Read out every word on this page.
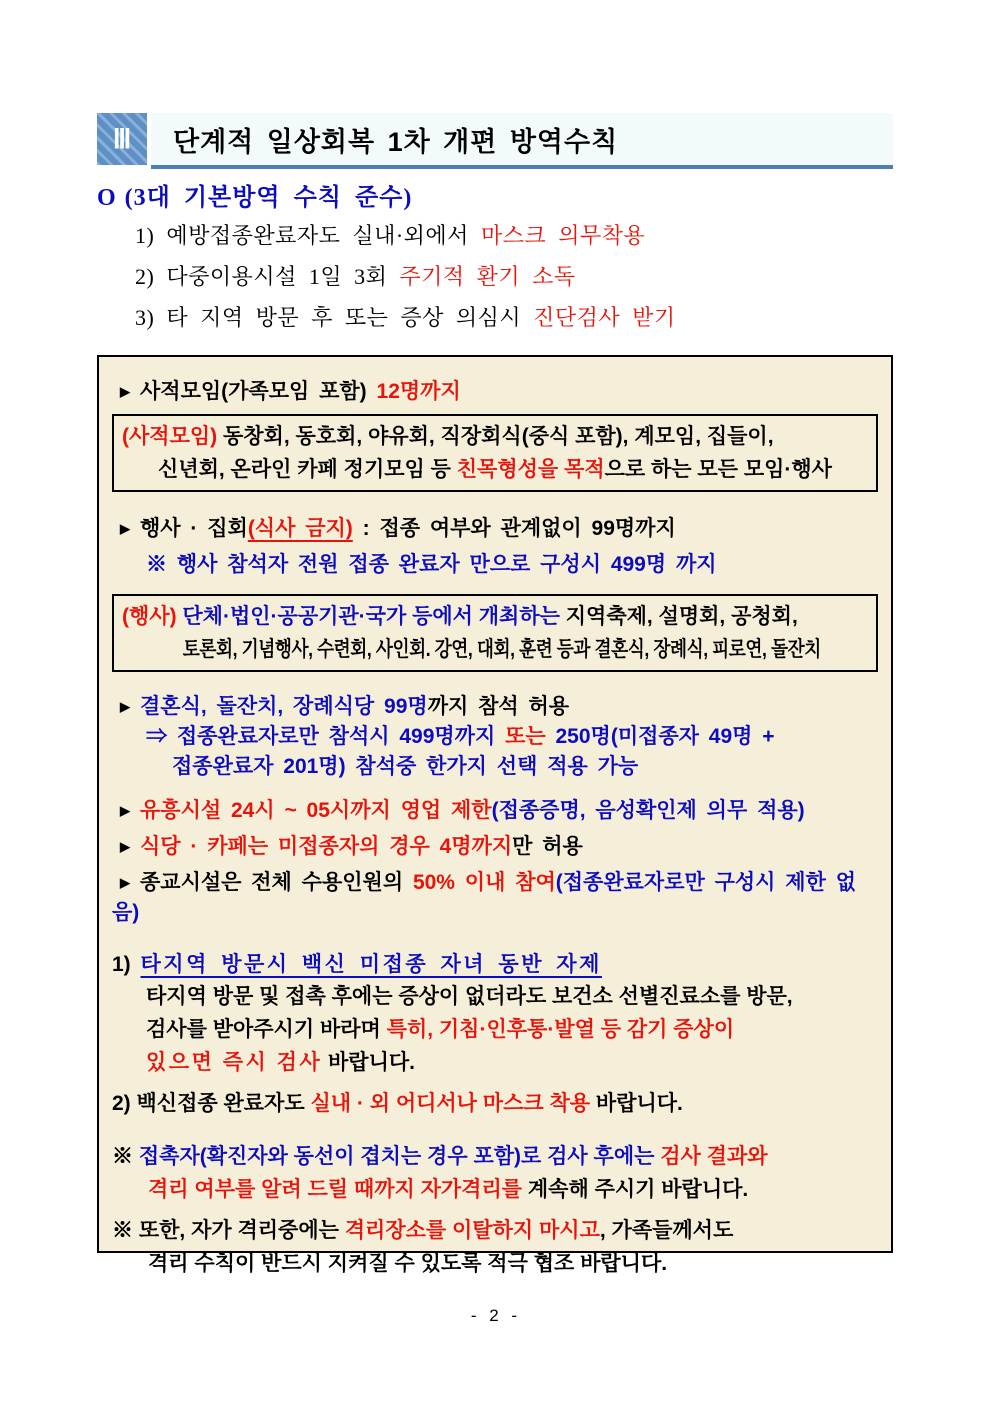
Ⅲ	단계적 일상회복 1차 개편 방역수칙
O (3대 기본방역 수칙 준수)
1) 예방접종완료자도 실내·외에서 마스크 의무착용
2) 다중이용시설 1일 3회 주기적 환기 소독
3) 타 지역 방문 후 또는 증상 의심시 진단검사 받기
▶ 사적모임(가족모임 포함) 12명까지
(사적모임) 동창회, 동호회, 야유회, 직장회식(중식 포함), 계모임, 집들이,
신년회, 온라인 카페 정기모임 등 친목형성을 목적으로 하는 모든 모임·행사
▶ 행사 · 집회(식사 금지) : 접종 여부와 관계없이 99명까지
※ 행사 참석자 전원 접종 완료자 만으로 구성시 499명 까지
(행사) 단체·법인·공공기관·국가 등에서 개최하는 지역축제, 설명회, 공청회,
토론회, 기념행사, 수련회, 사인회. 강연, 대회, 훈련 등과 결혼식, 장례식, 피로연, 돌잔치
▶ 결혼식, 돌잔치, 장례식당 99명까지 참석 허용
⇒ 접종완료자로만 참석시 499명까지 또는 250명(미접종자 49명 +
접종완료자 201명) 참석중 한가지 선택 적용 가능
▶ 유흥시설 24시 ~ 05시까지 영업 제한(접종증명, 음성확인제 의무 적용)
▶ 식당 · 카페는 미접종자의 경우 4명까지만 허용
▶ 종교시설은 전체 수용인원의 50% 이내 참여(접종완료자로만 구성시 제한 없음)
1) 타지역 방문시 백신 미접종 자녀 동반 자제
타지역 방문 및 접촉 후에는 증상이 없더라도 보건소 선별진료소를 방문,
검사를 받아주시기 바라며 특히, 기침·인후통·발열 등 감기 증상이
있으면 즉시 검사 바랍니다.
2) 백신접종 완료자도 실내 · 외 어디서나 마스크 착용 바랍니다.
※ 접촉자(확진자와 동선이 겹치는 경우 포함)로 검사 후에는 검사 결과와
격리 여부를 알려 드릴 때까지 자가격리를 계속해 주시기 바랍니다.
※ 또한, 자가 격리중에는 격리장소를 이탈하지 마시고, 가족들께서도
격리 수칙이 반드시 지켜질 수 있도록 적극 협조 바랍니다.
- 2 -
